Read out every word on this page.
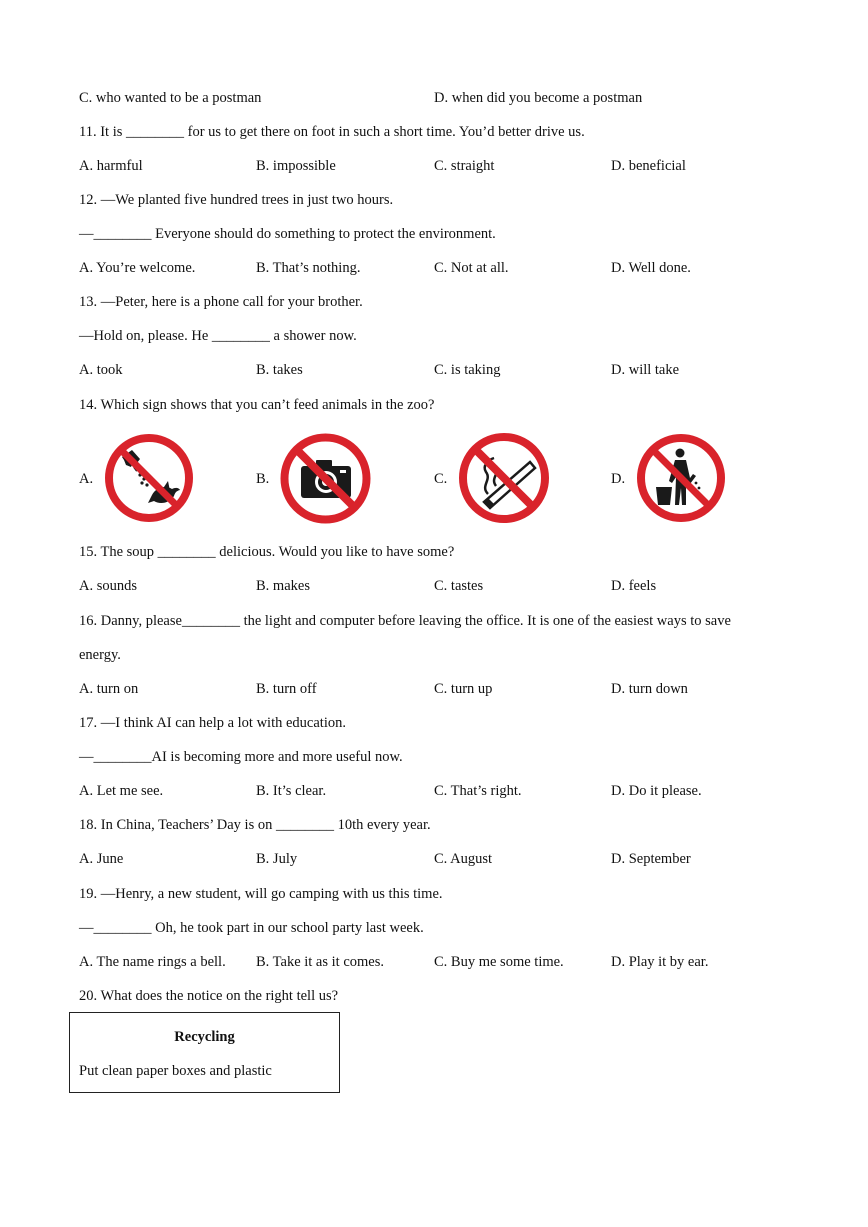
C. who wanted to be a postman	D. when did you become a postman
11. It is ________ for us to get there on foot in such a short time. You’d better drive us.
A. harmful	B. impossible	C. straight	D. beneficial
12. —We planted five hundred trees in just two hours.
—________ Everyone should do something to protect the environment.
A. You’re welcome.	B. That’s nothing.	C. Not at all.	D. Well done.
13. —Peter, here is a phone call for your brother.
—Hold on, please. He ________ a shower now.
A. took	B. takes	C. is taking	D. will take
14. Which sign shows that you can’t feed animals in the zoo?
A.	B.	C.	D.
15. The soup ________ delicious. Would you like to have some?
A. sounds	B. makes	C. tastes	D. feels
16. Danny, please________ the light and computer before leaving the office. It is one of the easiest ways to save
energy.
A. turn on	B. turn off	C. turn up	D. turn down
17. —I think AI can help a lot with education.
—________AI is becoming more and more useful now.
A. Let me see.	B. It’s clear.	C. That’s right.	D. Do it please.
18. In China, Teachers’ Day is on ________ 10th every year.
A. June	B. July	C. August	D. September
19. —Henry, a new student, will go camping with us this time.
—________ Oh, he took part in our school party last week.
A. The name rings a bell. B. Take it as it comes.	C. Buy me some time.	D. Play it by ear.
20. What does the notice on the right tell us?
Recycling
Put clean paper boxes and plastic
